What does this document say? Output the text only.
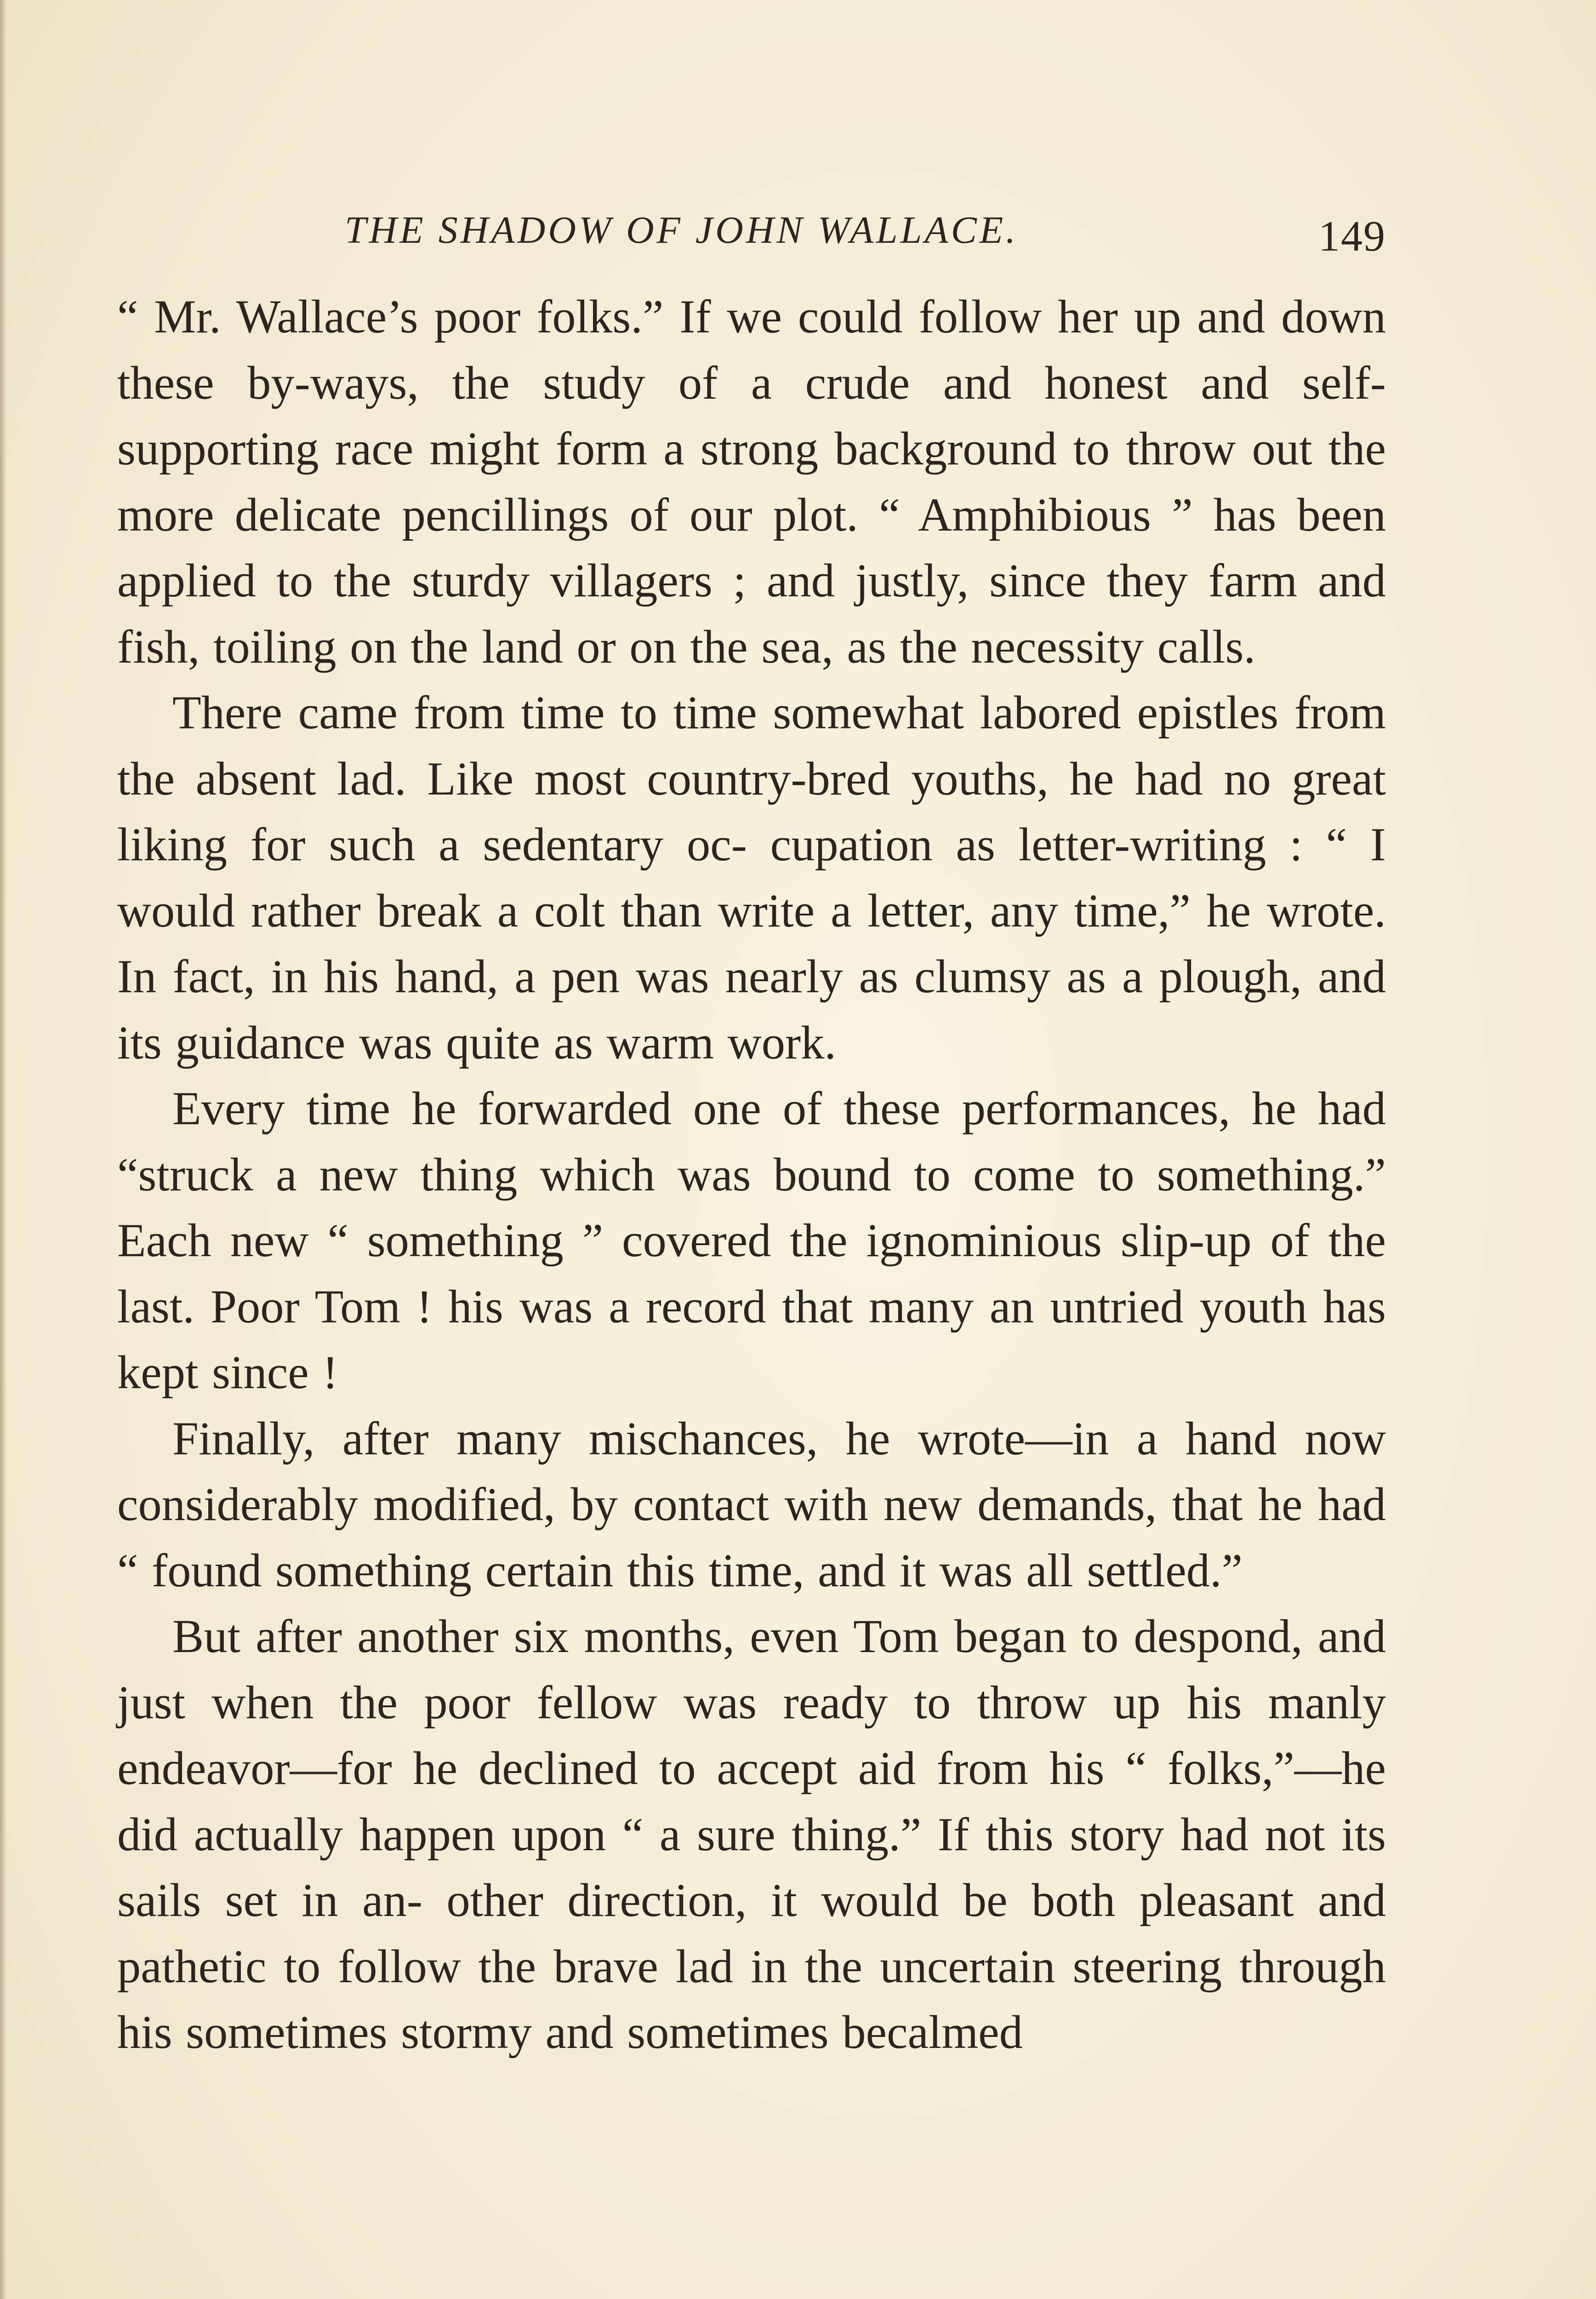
THE SHADOW OF JOHN WALLACE.	149

“ Mr. Wallace’s poor folks.” If we could follow her up and down these by-ways, the study of a crude and honest and self-supporting race might form a strong background to throw out the more delicate pencillings of our plot. “ Amphibious ” has been applied to the sturdy villagers ; and justly, since they farm and fish, toiling on the land or on the sea, as the necessity calls.

There came from time to time somewhat labored epistles from the absent lad. Like most country-bred youths, he had no great liking for such a sedentary oc- cupation as letter-writing : “ I would rather break a colt than write a letter, any time,” he wrote. In fact, in his hand, a pen was nearly as clumsy as a plough, and its guidance was quite as warm work.

Every time he forwarded one of these performances, he had “struck a new thing which was bound to come to something.” Each new “ something ” covered the ignominious slip-up of the last. Poor Tom ! his was a record that many an untried youth has kept since !

Finally, after many mischances, he wrote—in a hand now considerably modified, by contact with new demands, that he had “ found something certain this time, and it was all settled.”

But after another six months, even Tom began to despond, and just when the poor fellow was ready to throw up his manly endeavor—for he declined to accept aid from his “ folks,”—he did actually happen upon “ a sure thing.” If this story had not its sails set in an- other direction, it would be both pleasant and pathetic to follow the brave lad in the uncertain steering through his sometimes stormy and sometimes becalmed
